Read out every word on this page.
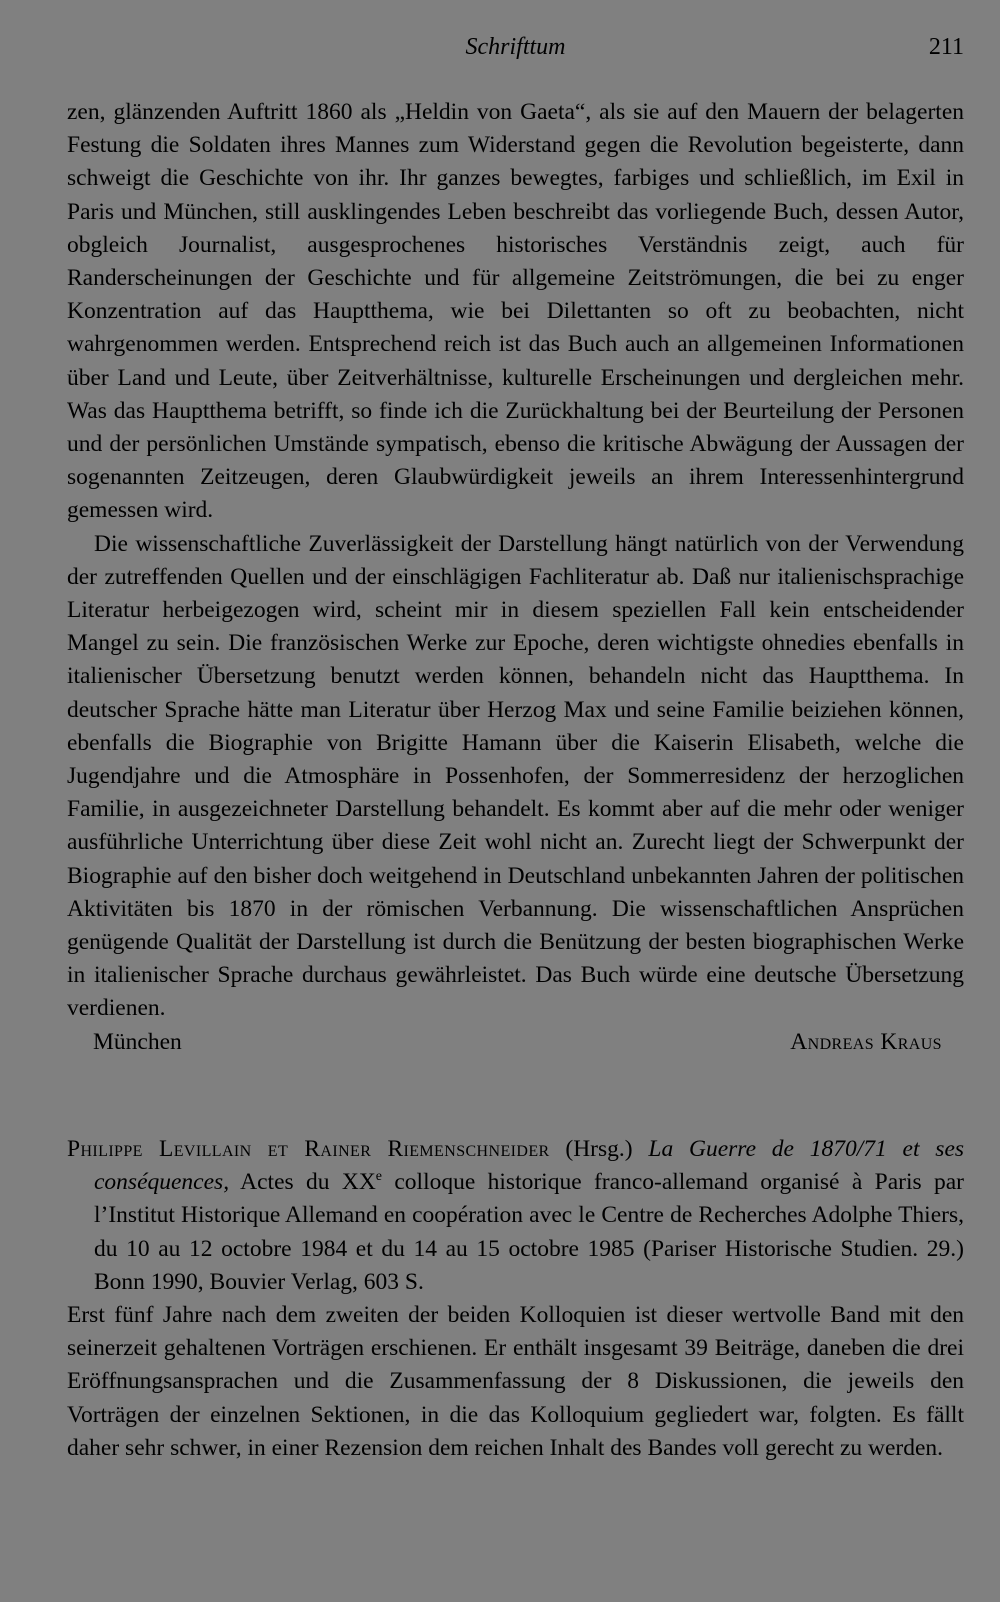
Schrifttum	211

zen, glänzenden Auftritt 1860 als „Heldin von Gaeta“, als sie auf den Mauern der belagerten Festung die Soldaten ihres Mannes zum Widerstand gegen die Revolution begeisterte, dann schweigt die Geschichte von ihr. Ihr ganzes bewegtes, farbiges und schließlich, im Exil in Paris und München, still ausklingendes Leben beschreibt das vorliegende Buch, dessen Autor, obgleich Journalist, ausgesprochenes historisches Verständnis zeigt, auch für Randerscheinungen der Geschichte und für allgemeine Zeitströmungen, die bei zu enger Konzentration auf das Hauptthema, wie bei Dilettanten so oft zu beobachten, nicht wahrgenommen werden. Entsprechend reich ist das Buch auch an allgemeinen Informationen über Land und Leute, über Zeitverhältnisse, kulturelle Erscheinungen und dergleichen mehr. Was das Hauptthema betrifft, so finde ich die Zurückhaltung bei der Beurteilung der Personen und der persönlichen Umstände sympatisch, ebenso die kritische Abwägung der Aussagen der sogenannten Zeitzeugen, deren Glaubwürdigkeit jeweils an ihrem Interessenhintergrund gemessen wird.

Die wissenschaftliche Zuverlässigkeit der Darstellung hängt natürlich von der Verwendung der zutreffenden Quellen und der einschlägigen Fachliteratur ab. Daß nur italienischsprachige Literatur herbeigezogen wird, scheint mir in diesem speziellen Fall kein entscheidender Mangel zu sein. Die französischen Werke zur Epoche, deren wichtigste ohnedies ebenfalls in italienischer Übersetzung benutzt werden können, behandeln nicht das Hauptthema. In deutscher Sprache hätte man Literatur über Herzog Max und seine Familie beiziehen können, ebenfalls die Biographie von Brigitte Hamann über die Kaiserin Elisabeth, welche die Jugendjahre und die Atmosphäre in Possenhofen, der Sommerresidenz der herzoglichen Familie, in ausgezeichneter Darstellung behandelt. Es kommt aber auf die mehr oder weniger ausführliche Unterrichtung über diese Zeit wohl nicht an. Zurecht liegt der Schwerpunkt der Biographie auf den bisher doch weitgehend in Deutschland unbekannten Jahren der politischen Aktivitäten bis 1870 in der römischen Verbannung. Die wissenschaftlichen Ansprüchen genügende Qualität der Darstellung ist durch die Benützung der besten biographischen Werke in italienischer Sprache durchaus gewährleistet. Das Buch würde eine deutsche Übersetzung verdienen.

München	Andreas Kraus

Philippe Levillain et Rainer Riemenschneider (Hrsg.) La Guerre de 1870/71 et ses conséquences, Actes du XXe colloque historique franco-allemand organisé à Paris par l’Institut Historique Allemand en coopération avec le Centre de Recherches Adolphe Thiers, du 10 au 12 octobre 1984 et du 14 au 15 octobre 1985 (Pariser Historische Studien. 29.) Bonn 1990, Bouvier Verlag, 603 S.

Erst fünf Jahre nach dem zweiten der beiden Kolloquien ist dieser wertvolle Band mit den seinerzeit gehaltenen Vorträgen erschienen. Er enthält insgesamt 39 Beiträge, daneben die drei Eröffnungsansprachen und die Zusammenfassung der 8 Diskussionen, die jeweils den Vorträgen der einzelnen Sektionen, in die das Kolloquium gegliedert war, folgten. Es fällt daher sehr schwer, in einer Rezension dem reichen Inhalt des Bandes voll gerecht zu werden.
